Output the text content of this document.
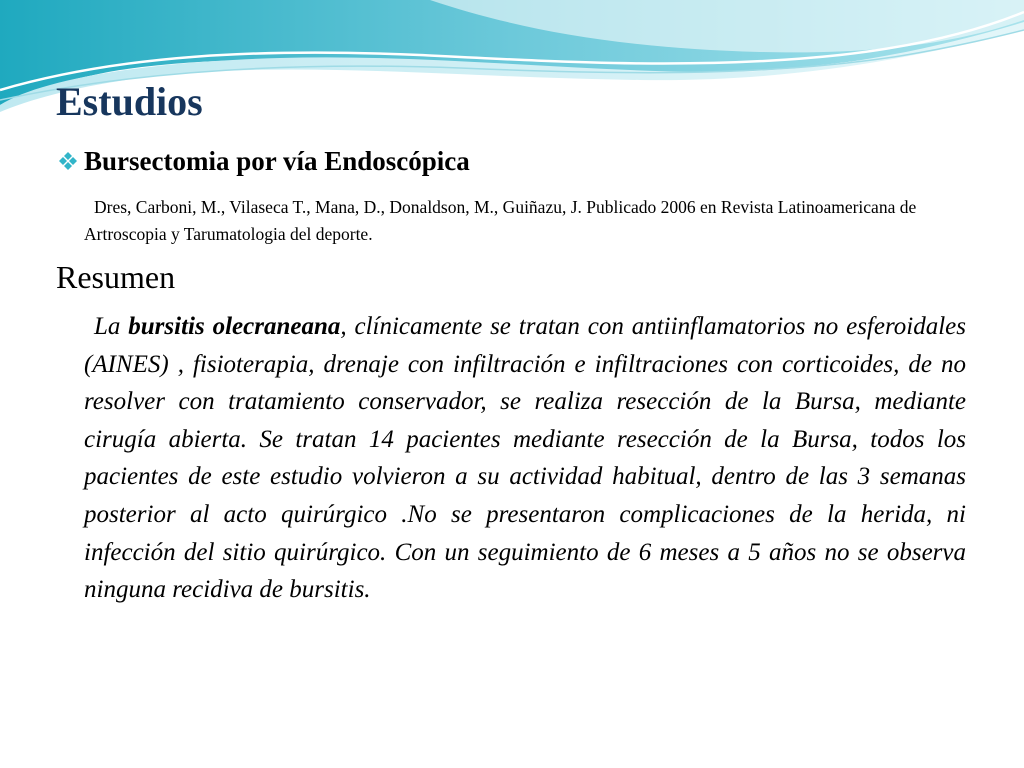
Estudios
Bursectomia por vía Endoscópica
Dres, Carboni, M., Vilaseca T., Mana, D., Donaldson, M., Guiñazu, J. Publicado 2006 en Revista Latinoamericana de Artroscopia y Tarumatologia del deporte.
Resumen

La bursitis olecraneana, clínicamente se tratan con antiinflamatorios no esferoidales (AINES) , fisioterapia, drenaje con infiltración e infiltraciones con corticoides, de no resolver con tratamiento conservador, se realiza resección de la Bursa, mediante cirugía abierta. Se tratan 14 pacientes mediante resección de la Bursa, todos los pacientes de este estudio volvieron a su actividad habitual, dentro de las 3 semanas posterior al acto quirúrgico .No se presentaron complicaciones de la herida, ni infección del sitio quirúrgico. Con un seguimiento de 6 meses a 5 años no se observa ninguna recidiva de bursitis.
